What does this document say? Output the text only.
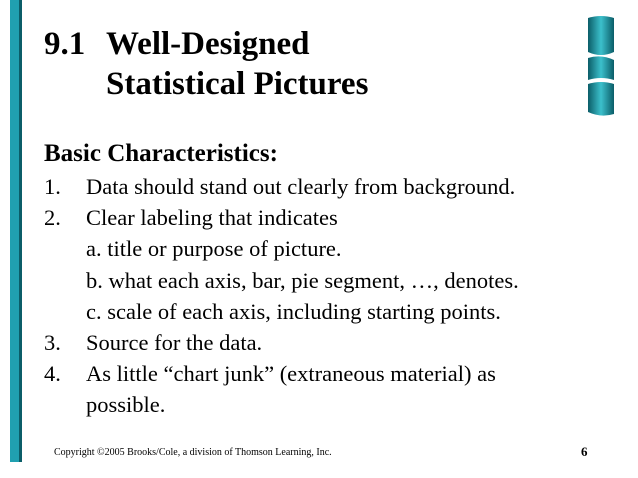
9.1 Well-Designed
Statistical Pictures
Basic Characteristics:
1.	Data should stand out clearly from background.
2.	Clear labeling that indicates
a. title or purpose of picture.
b. what each axis, bar, pie segment, …, denotes.
c. scale of each axis, including starting points.
3.	Source for the data.
4.	As little “chart junk” (extraneous material) as
possible.
Copyright ©2005 Brooks/Cole, a division of Thomson Learning, Inc.	6
